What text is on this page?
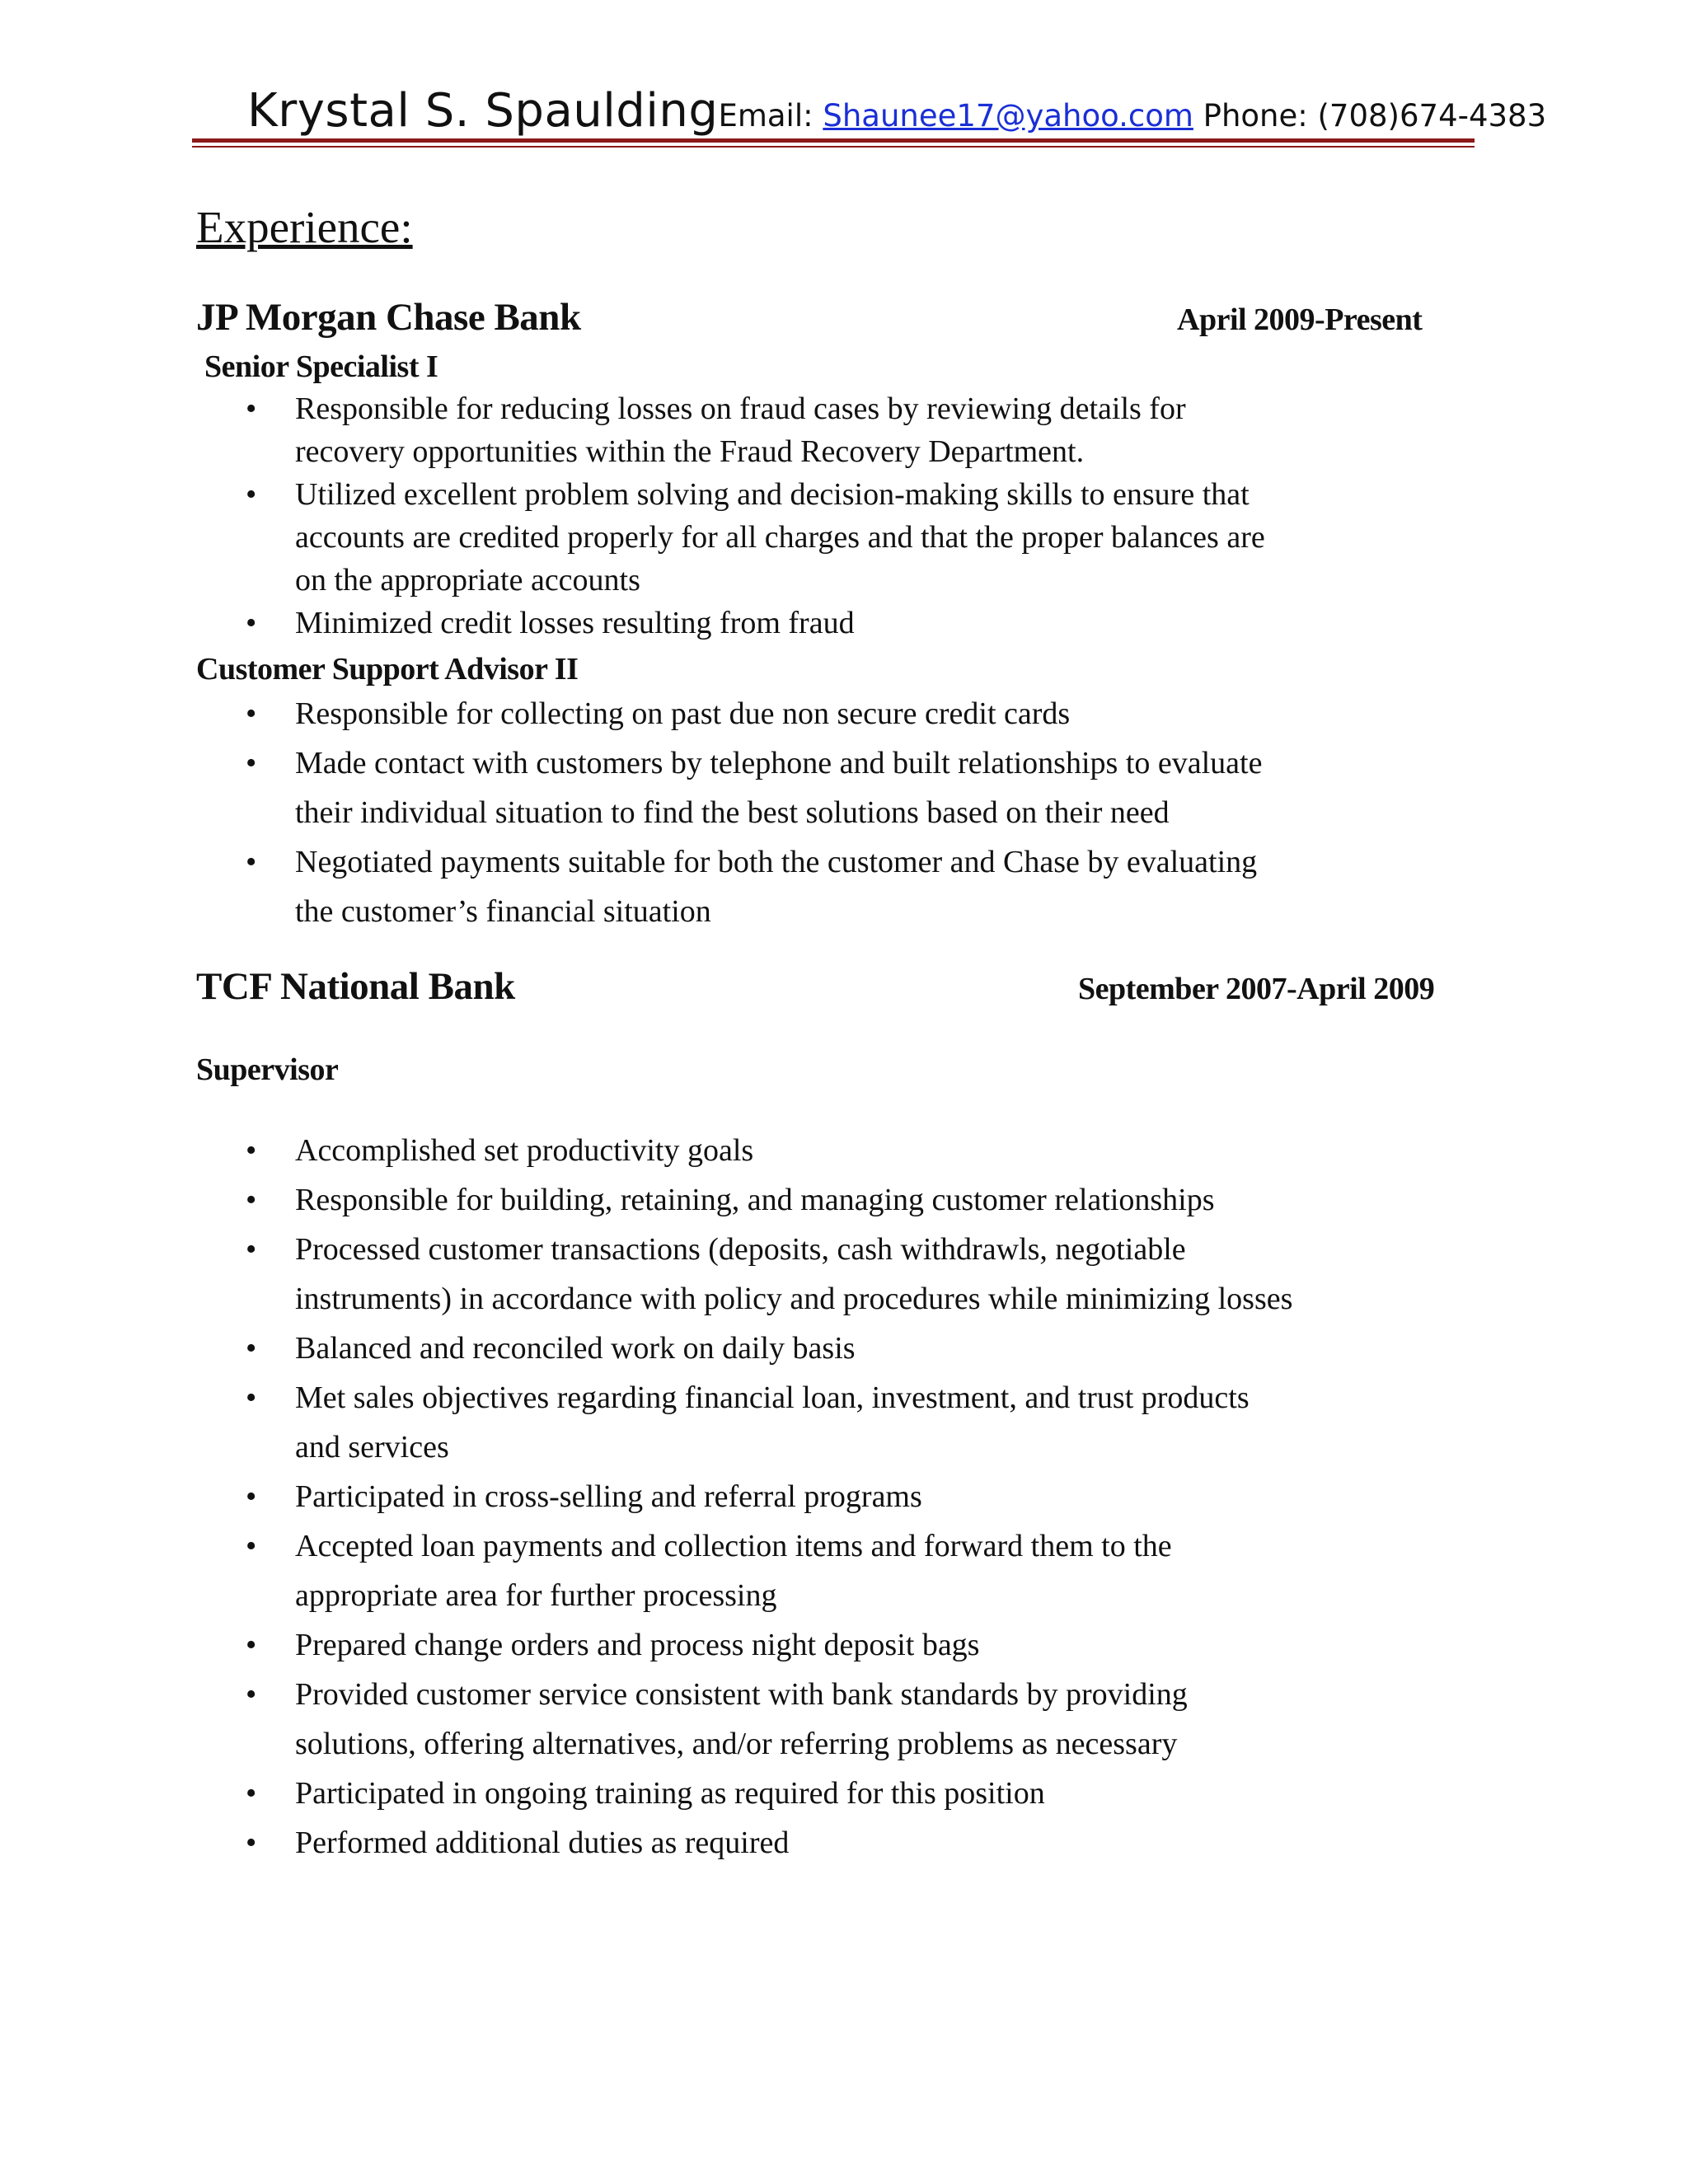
Krystal S. SpauldingEmail: Shaunee17@yahoo.com Phone: (708)674-4383
Experience:
JP Morgan Chase Bank	April 2009-Present
Senior Specialist I
• Responsible for reducing losses on fraud cases by reviewing details for recovery opportunities within the Fraud Recovery Department.
• Utilized excellent problem solving and decision-making skills to ensure that accounts are credited properly for all charges and that the proper balances are on the appropriate accounts
• Minimized credit losses resulting from fraud
Customer Support Advisor II
• Responsible for collecting on past due non secure credit cards
• Made contact with customers by telephone and built relationships to evaluate their individual situation to find the best solutions based on their need
• Negotiated payments suitable for both the customer and Chase by evaluating the customer’s financial situation
TCF National Bank	September 2007-April 2009
Supervisor
• Accomplished set productivity goals
• Responsible for building, retaining, and managing customer relationships
• Processed customer transactions (deposits, cash withdrawls, negotiable instruments) in accordance with policy and procedures while minimizing losses
• Balanced and reconciled work on daily basis
• Met sales objectives regarding financial loan, investment, and trust products and services
• Participated in cross-selling and referral programs
• Accepted loan payments and collection items and forward them to the appropriate area for further processing
• Prepared change orders and process night deposit bags
• Provided customer service consistent with bank standards by providing solutions, offering alternatives, and/or referring problems as necessary
• Participated in ongoing training as required for this position
• Performed additional duties as required
